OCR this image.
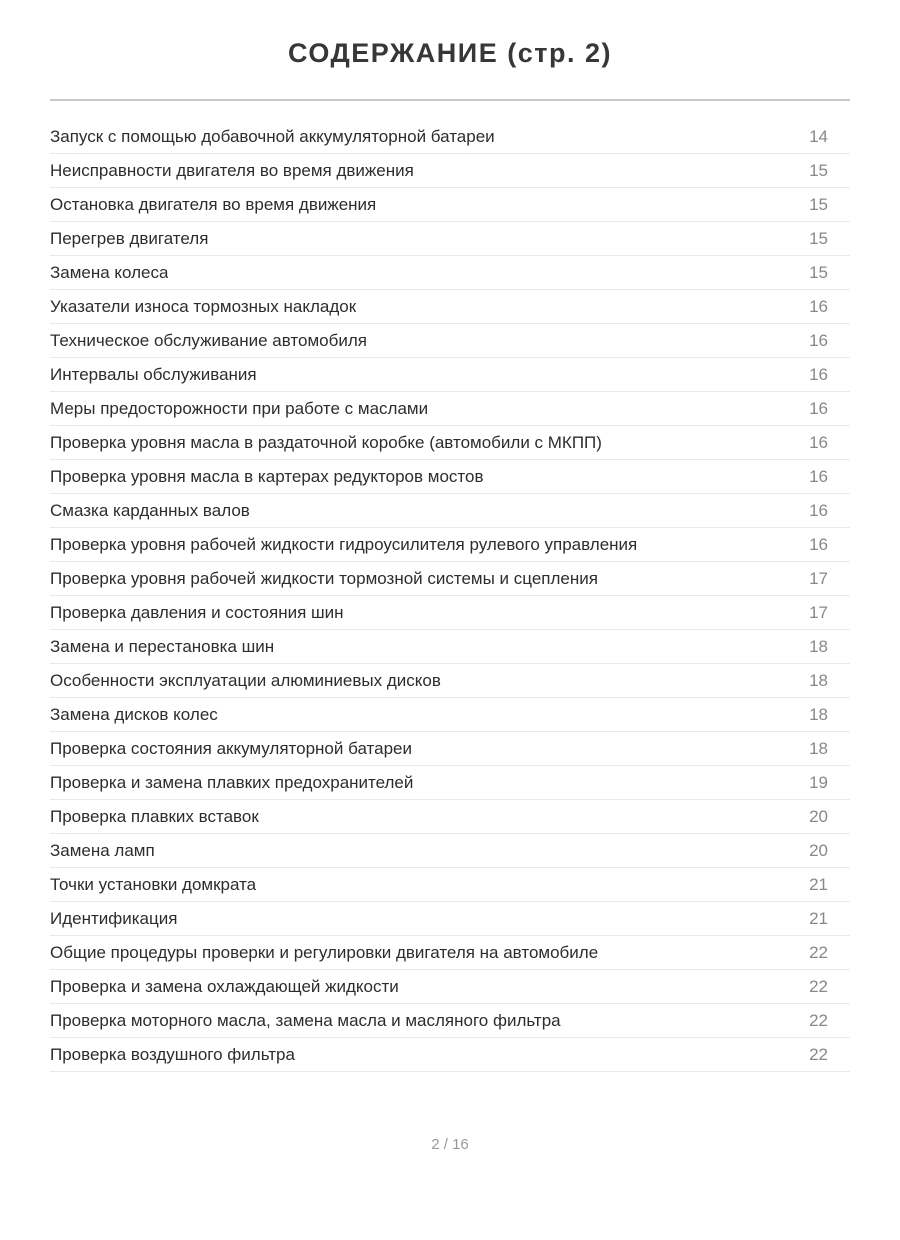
СОДЕРЖАНИЕ (стр. 2)
Запуск с помощью добавочной аккумуляторной батареи	14
Неисправности двигателя во время движения	15
Остановка двигателя во время движения	15
Перегрев двигателя	15
Замена колеса	15
Указатели износа тормозных накладок	16
Техническое обслуживание автомобиля	16
Интервалы обслуживания	16
Меры предосторожности при работе с маслами	16
Проверка уровня масла в раздаточной коробке (автомобили с МКПП)	16
Проверка уровня масла в картерах редукторов мостов	16
Смазка карданных валов	16
Проверка уровня рабочей жидкости гидроусилителя рулевого управления	16
Проверка уровня рабочей жидкости тормозной системы и сцепления	17
Проверка давления и состояния шин	17
Замена и перестановка шин	18
Особенности эксплуатации алюминиевых дисков	18
Замена дисков колес	18
Проверка состояния аккумуляторной батареи	18
Проверка и замена плавких предохранителей	19
Проверка плавких вставок	20
Замена ламп	20
Точки установки домкрата	21
Идентификация	21
Общие процедуры проверки и регулировки двигателя на автомобиле	22
Проверка и замена охлаждающей жидкости	22
Проверка моторного масла, замена масла и масляного фильтра	22
Проверка воздушного фильтра	22
2 / 16
